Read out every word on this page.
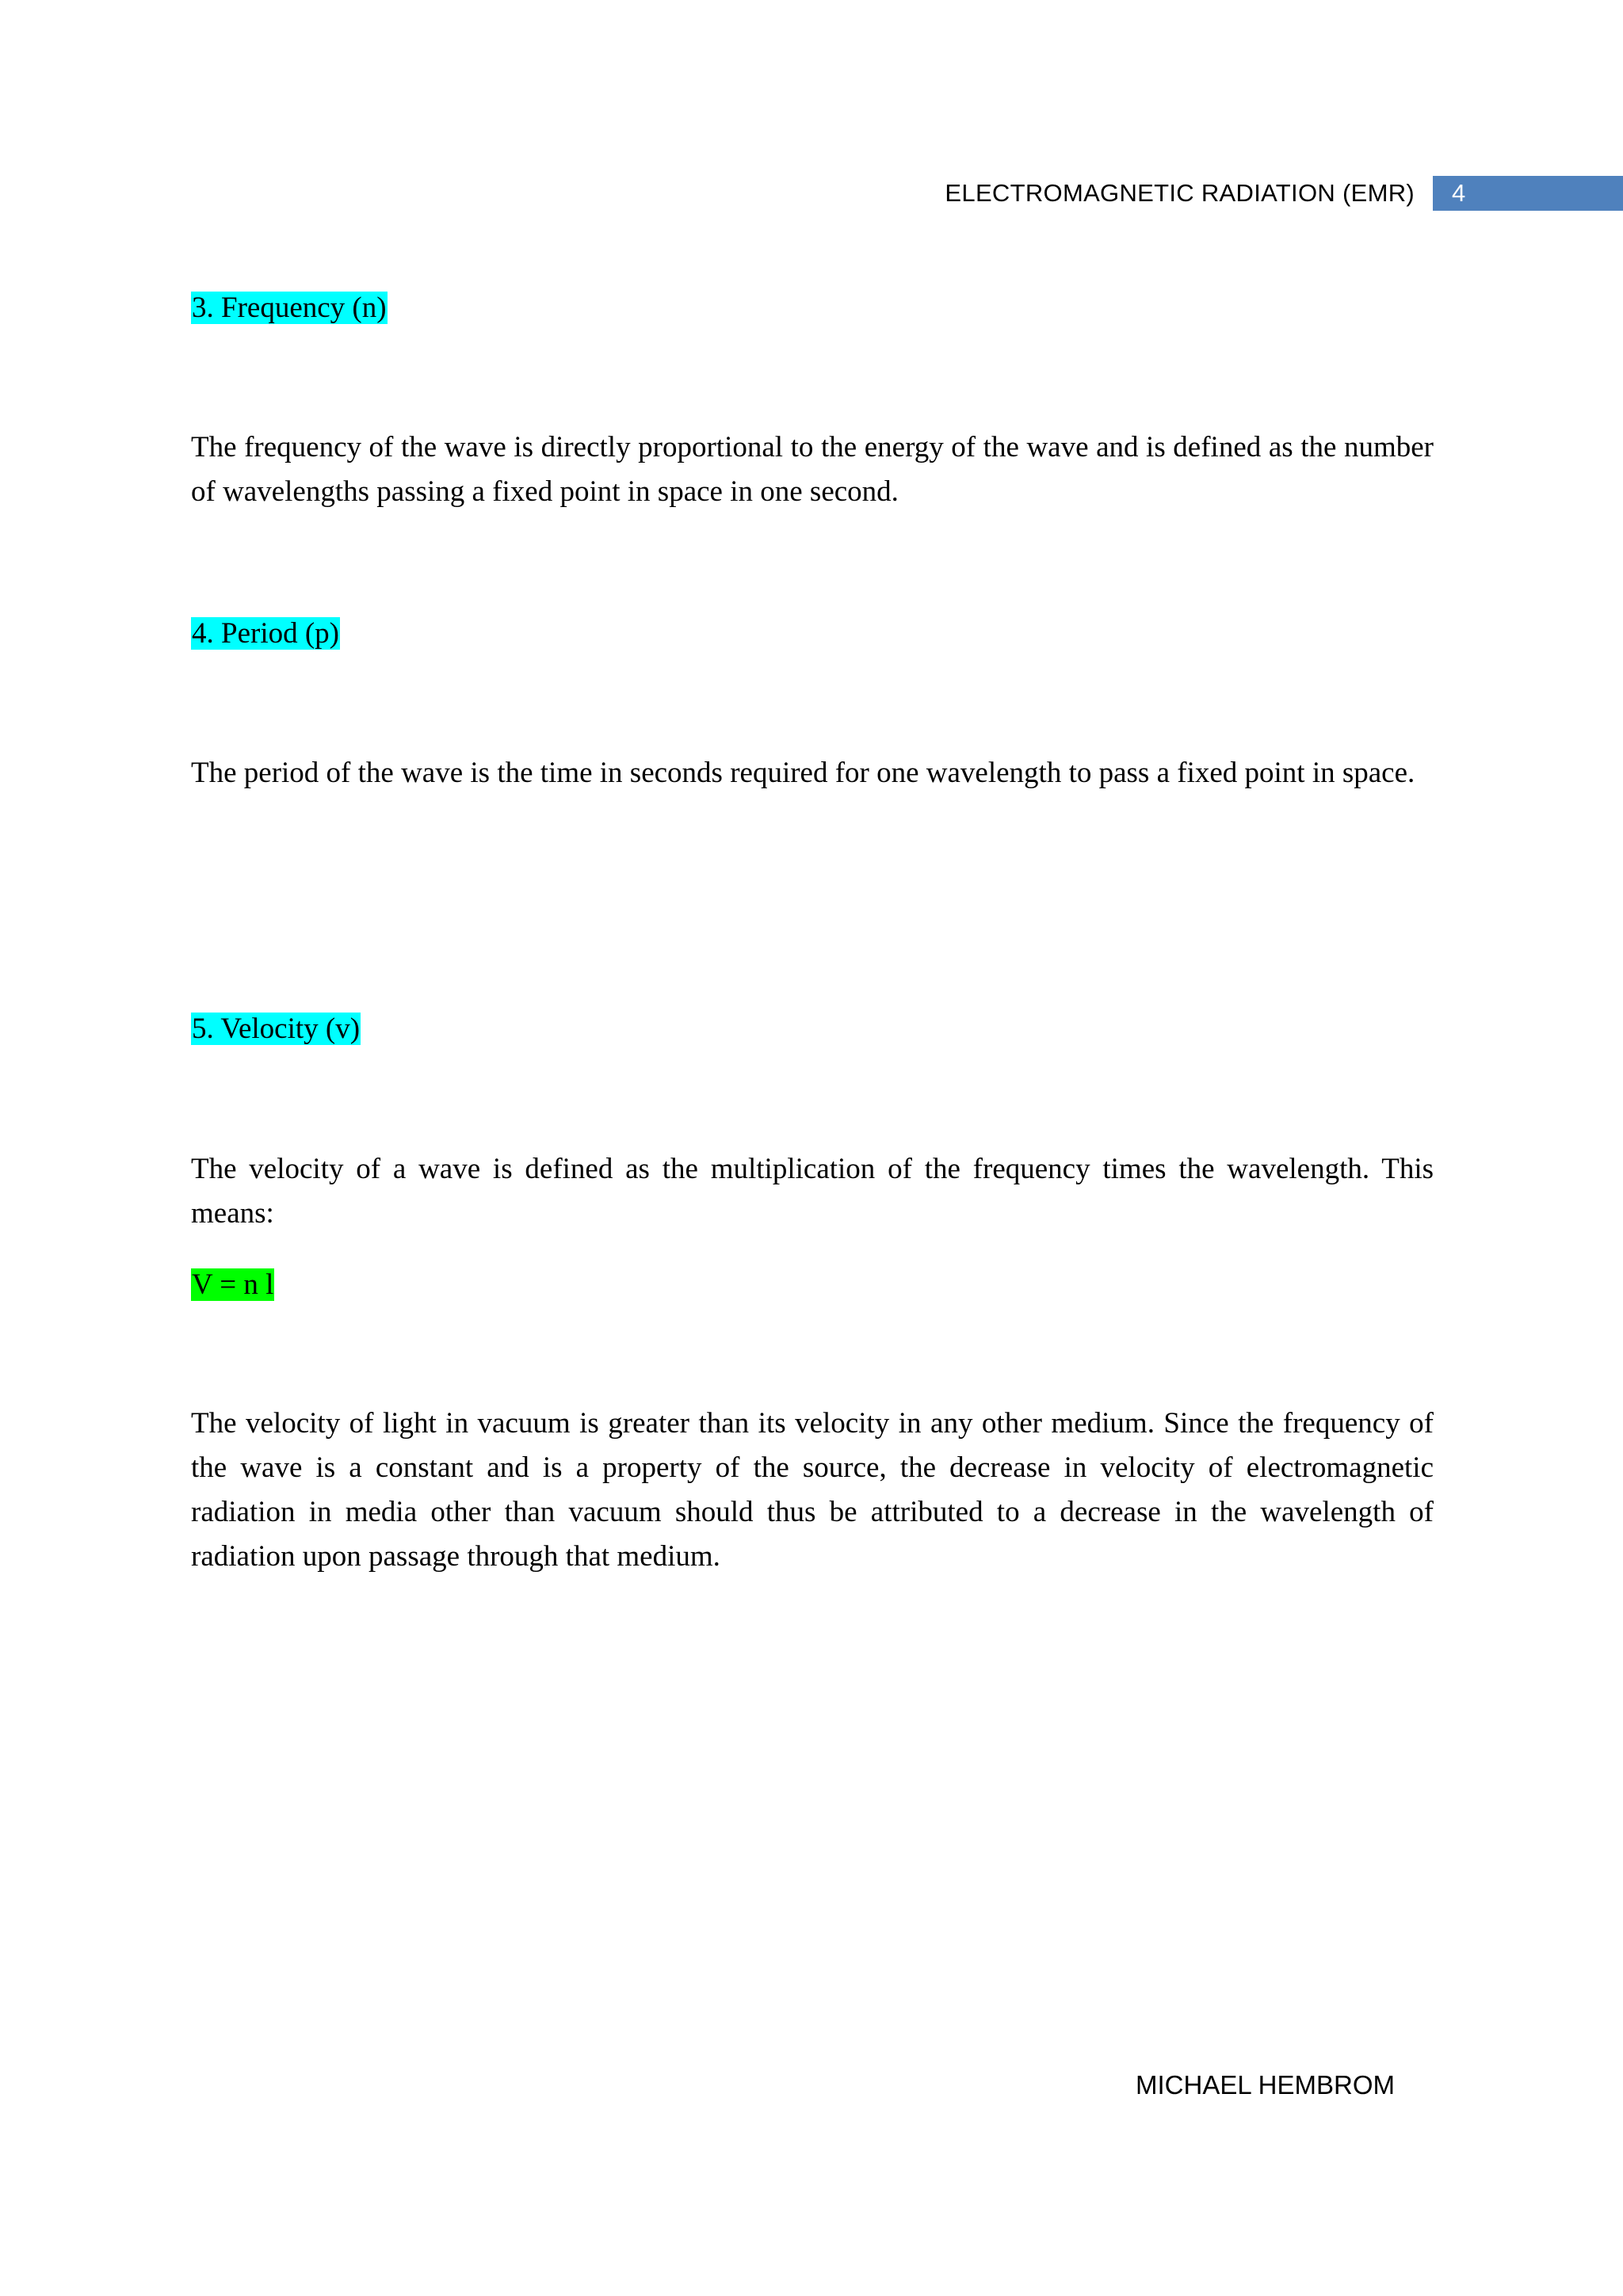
ELECTROMAGNETIC RADIATION (EMR) 4
3. Frequency (n)

The frequency of the wave is directly proportional to the energy of the wave and is defined as the number of wavelengths passing a fixed point in space in one second.

4. Period (p)

The period of the wave is the time in seconds required for one wavelength to pass a fixed point in space.

5. Velocity (v)

The velocity of a wave is defined as the multiplication of the frequency times the wavelength. This means:

V = n l

The velocity of light in vacuum is greater than its velocity in any other medium. Since the frequency of the wave is a constant and is a property of the source, the decrease in velocity of electromagnetic radiation in media other than vacuum should thus be attributed to a decrease in the wavelength of radiation upon passage through that medium.

MICHAEL HEMBROM
